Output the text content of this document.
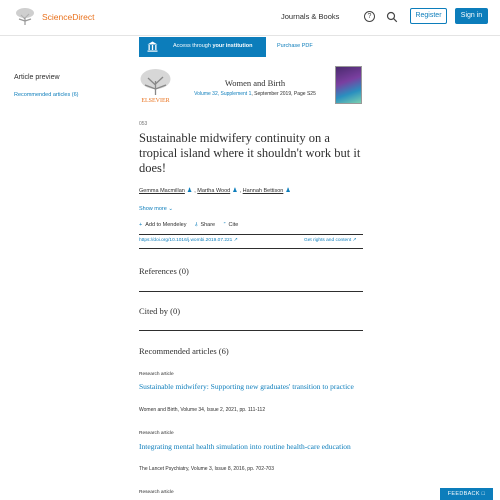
ScienceDirect	Journals & Books	?	Register	Sign in
Access through your institution	Purchase PDF
Article preview
Recommended articles (6)
ELSEVIER
Women and Birth
Volume 32, Supplement 1, September 2019, Page S25
053
Sustainable midwifery continuity on a tropical island where it shouldn't work but it does!
Gemma Macmillan ♟ , Martha Wood ♟ , Hannah Bettison ♟
Show more ⌄
+ Add to Mendeley ⫰ Share ” Cite
https://doi.org/10.1016/j.wombi.2019.07.221 ↗	Get rights and content ↗
References (0)
Cited by (0)
Recommended articles (6)
Research article
Sustainable midwifery: Supporting new graduates' transition to practice
Women and Birth, Volume 34, Issue 2, 2021, pp. 111-112
Research article
Integrating mental health simulation into routine health-care education
The Lancet Psychiatry, Volume 3, Issue 8, 2016, pp. 702-703
Research article	FEEDBACK □
